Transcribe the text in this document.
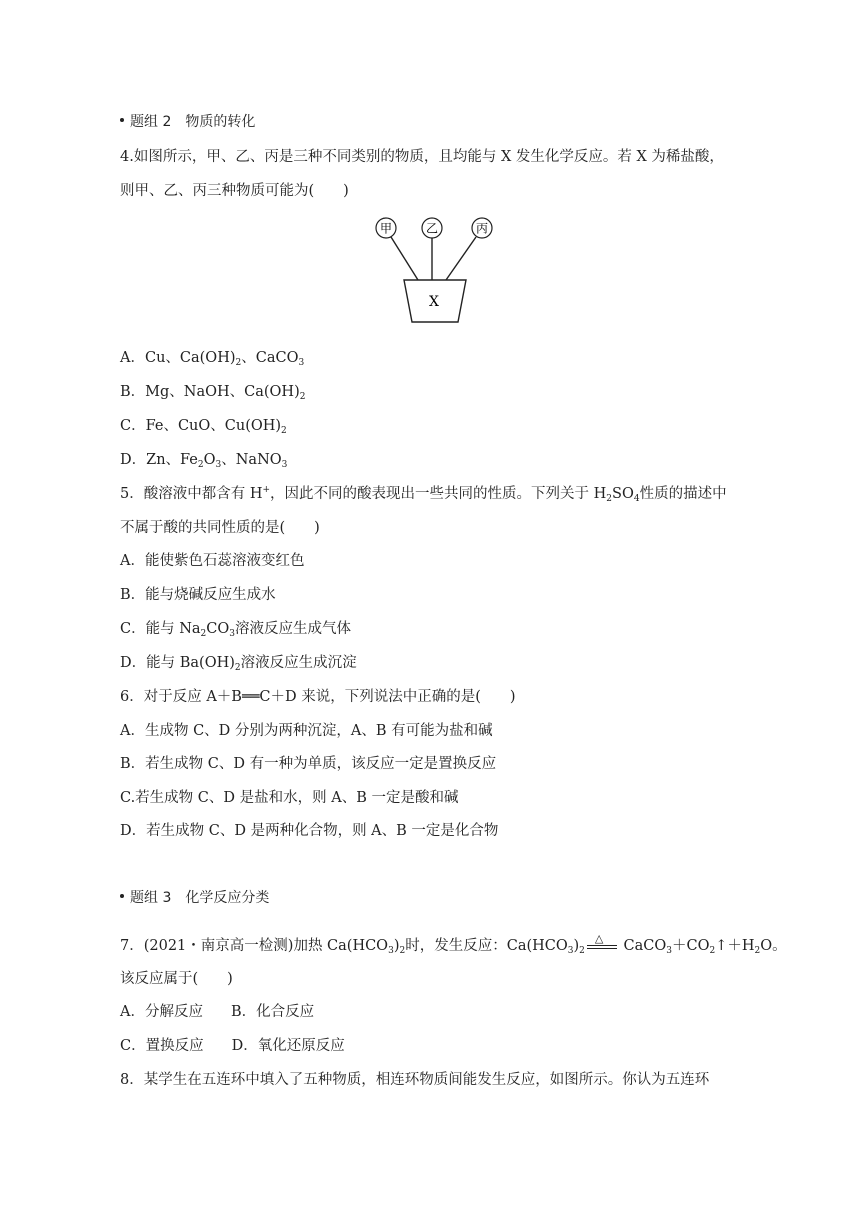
题组 2 物质的转化
4.如图所示，甲、乙、丙是三种不同类别的物质，且均能与 X 发生化学反应。若 X 为稀盐酸，
则甲、乙、丙三种物质可能为(　　)
甲	乙	丙
X
A．Cu、$Ca(OH)_2$、CaCO$_3$
B．Mg、NaOH、$Ca(OH)_2$
C．Fe、CuO、$Cu(OH)_2$
D．Zn、$Fe_2O_3$、NaNO$_3$
5．酸溶液中都含有 H+，因此不同的酸表现出一些共同的性质。下列关于 $H_2SO_4$性质的描述中
不属于酸的共同性质的是(　　)
A．能使紫色石蕊溶液变红色
B．能与烧碱反应生成水
C．能与 $Na_2CO_3$溶液反应生成气体
D．能与 $Ba(OH)_2$溶液反应生成沉淀
6．对于反应 A＋B══C＋D 来说，下列说法中正确的是(　　)
A．生成物 C、D 分别为两种沉淀，A、B 有可能为盐和碱
B．若生成物 C、D 有一种为单质，该反应一定是置换反应
C.若生成物 C、D 是盐和水，则 A、B 一定是酸和碱
D．若生成物 C、D 是两种化合物，则 A、B 一定是化合物
题组 3 化学反应分类
7．(2021・南京高一检测)加热 $Ca(HCO_3)_2$时，发生反应：$Ca(HCO_3)_2$
△ $CaCO_3+CO_2↑+H_2O$。
该反应属于(　　)
A．分解反应 B．化合反应
C．置换反应 D．氧化还原反应
8．某学生在五连环中填入了五种物质，相连环物质间能发生反应，如图所示。你认为五连环
